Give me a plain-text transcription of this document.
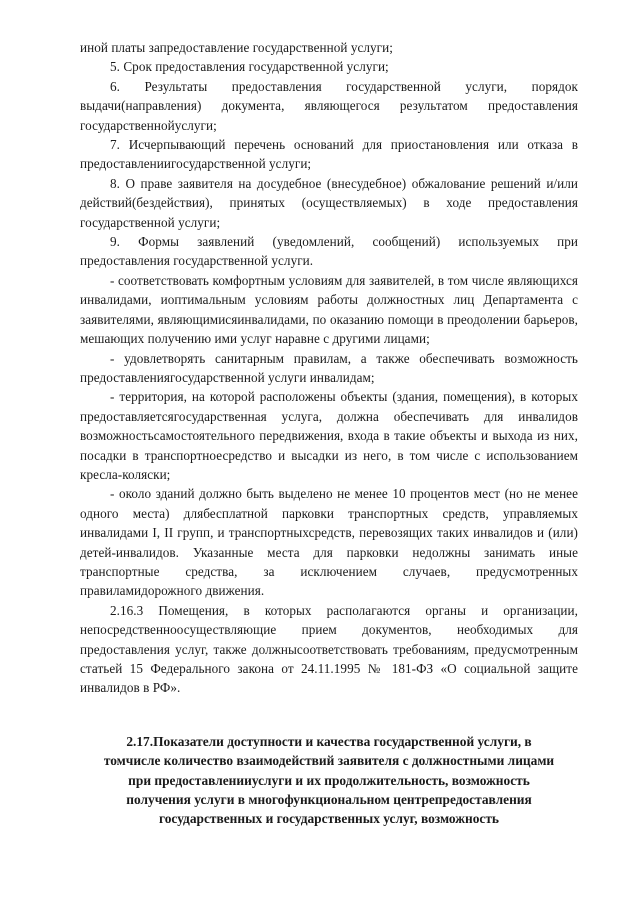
иной платы запредоставление государственной услуги;

5. Срок предоставления государственной услуги;

6. Результаты предоставления государственной услуги, порядок выдачи(направления) документа, являющегося результатом предоставления государственнойуслуги;

7. Исчерпывающий перечень оснований для приостановления или отказа в предоставлениигосударственной услуги;

8. О праве заявителя на досудебное (внесудебное) обжалование решений и/или действий(бездействия), принятых (осуществляемых) в ходе предоставления государственной услуги;

9. Формы заявлений (уведомлений, сообщений) используемых при предоставления государственной услуги.

- соответствовать комфортным условиям для заявителей, в том числе являющихся инвалидами, иоптимальным условиям работы должностных лиц Департамента с заявителями, являющимисяинвалидами, по оказанию помощи в преодолении барьеров, мешающих получению ими услуг наравне с другими лицами;

- удовлетворять санитарным правилам, а также обеспечивать возможность предоставлениягосударственной услуги инвалидам;

- территория, на которой расположены объекты (здания, помещения), в которых предоставляетсягосударственная услуга, должна обеспечивать для инвалидов возможностьсамостоятельного передвижения, входа в такие объекты и выхода из них, посадки в транспортноесредство и высадки из него, в том числе с использованием кресла-коляски;

- около зданий должно быть выделено не менее 10 процентов мест (но не менее одного места) длябесплатной парковки транспортных средств, управляемых инвалидами I, II групп, и транспортныхсредств, перевозящих таких инвалидов и (или) детей-инвалидов. Указанные места для парковки недолжны занимать иные транспортные средства, за исключением случаев, предусмотренных правиламидорожного движения.

2.16.3 Помещения, в которых располагаются органы и организации, непосредственноосуществляющие прием документов, необходимых для предоставления услуг, также должнысоответствовать требованиям, предусмотренным статьей 15 Федерального закона от 24.11.1995 № 181-ФЗ «О социальной защите инвалидов в РФ».

2.17.Показатели доступности и качества государственной услуги, в
томчисле количество взаимодействий заявителя с должностными лицами
при предоставленииуслуги и их продолжительность, возможность
получения услуги в многофункциональном центрепредоставления
государственных и государственных услуг, возможность
